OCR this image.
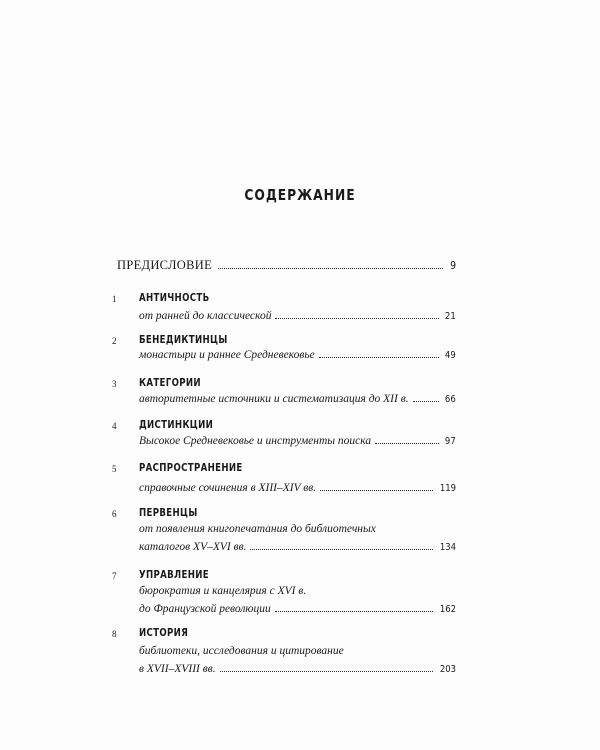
СОДЕРЖАНИЕ
ПРЕДИСЛОВИЕ	9
1 АНТИЧНОСТЬ
от ранней до классической	21
2 БЕНЕДИКТИНЦЫ
монастыри и раннее Средневековье	49
3 КАТЕГОРИИ
авторитетные источники и систематизация до XII в.	66
4 ДИСТИНКЦИИ
Высокое Средневековье и инструменты поиска	97
5 РАСПРОСТРАНЕНИЕ
справочные сочинения в XIII–XIV вв.	119
6 ПЕРВЕНЦЫ
от появления книгопечатания до библиотечных
каталогов XV–XVI вв.	134
7 УПРАВЛЕНИЕ
бюрократия и канцелярия с XVI в.
до Французской революции	162
8 ИСТОРИЯ
библиотеки, исследования и цитирование
в XVII–XVIII вв.	203
